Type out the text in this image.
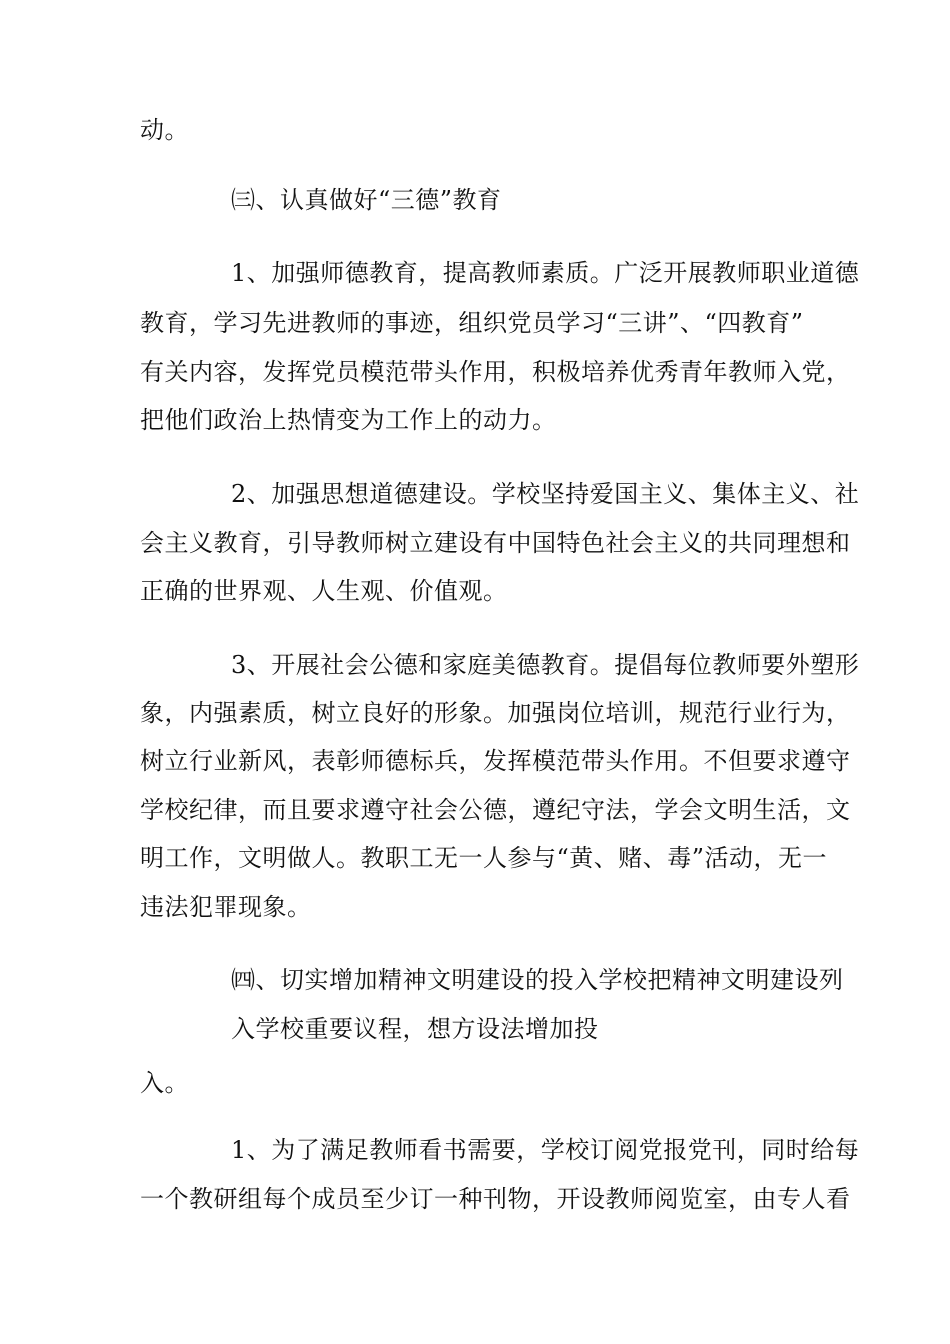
动。
㈢、认真做好“三德”教育
1、加强师德教育，提高教师素质。广泛开展教师职业道德
教育，学习先进教师的事迹，组织党员学习“三讲”、“四教育”
有关内容，发挥党员模范带头作用，积极培养优秀青年教师入党，
把他们政治上热情变为工作上的动力。
2、加强思想道德建设。学校坚持爱国主义、集体主义、社
会主义教育，引导教师树立建设有中国特色社会主义的共同理想和
正确的世界观、人生观、价值观。
3、开展社会公德和家庭美德教育。提倡每位教师要外塑形
象，内强素质，树立良好的形象。加强岗位培训，规范行业行为，
树立行业新风，表彰师德标兵，发挥模范带头作用。不但要求遵守
学校纪律，而且要求遵守社会公德，遵纪守法，学会文明生活，文
明工作，文明做人。教职工无一人参与“黄、赌、毒”活动，无一
违法犯罪现象。
㈣、切实增加精神文明建设的投入学校把精神文明建设列
入学校重要议程，想方设法增加投
入。
1、为了满足教师看书需要，学校订阅党报党刊，同时给每
一个教研组每个成员至少订一种刊物，开设教师阅览室，由专人看
